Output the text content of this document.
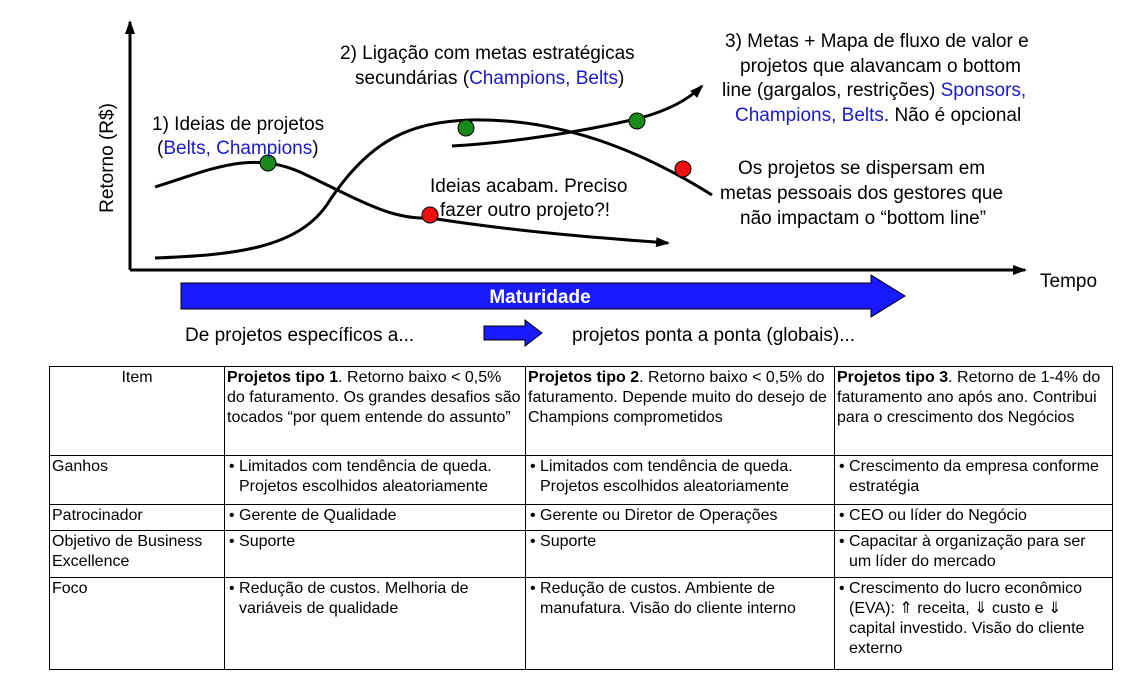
Retorno (R$)
Tempo
1) Ideias de projetos
(Belts, Champions)
2) Ligação com metas estratégicas
secundárias (Champions, Belts)
3) Metas + Mapa de fluxo de valor e
projetos que alavancam o bottom
line (gargalos, restrições) Sponsors,
Champions, Belts. Não é opcional
Ideias acabam. Preciso
fazer outro projeto?!
Os projetos se dispersam em
metas pessoais dos gestores que
não impactam o “bottom line”
Maturidade
De projetos específicos a...	projetos ponta a ponta (globais)...
Item	Projetos tipo 1. Retorno baixo < 0,5% do faturamento. Os grandes desafios são tocados “por quem entende do assunto”	Projetos tipo 2. Retorno baixo < 0,5% do faturamento. Depende muito do desejo de Champions comprometidos	Projetos tipo 3. Retorno de 1-4% do faturamento ano após ano. Contribui para o crescimento dos Negócios
Ganhos	• Limitados com tendência de queda. Projetos escolhidos aleatoriamente	• Limitados com tendência de queda. Projetos escolhidos aleatoriamente	• Crescimento da empresa conforme estratégia

Patrocinador	• Gerente de Qualidade	• Gerente ou Diretor de Operações	• CEO ou líder do Negócio

Objetivo de Business Excellence	• Suporte	• Suporte	• Capacitar à organização para ser um líder do mercado

Foco	• Redução de custos. Melhoria de variáveis de qualidade	• Redução de custos. Ambiente de manufatura. Visão do cliente interno	• Crescimento do lucro econômico (EVA): ⇑ receita, ⇓ custo e ⇓ capital investido. Visão do cliente externo
